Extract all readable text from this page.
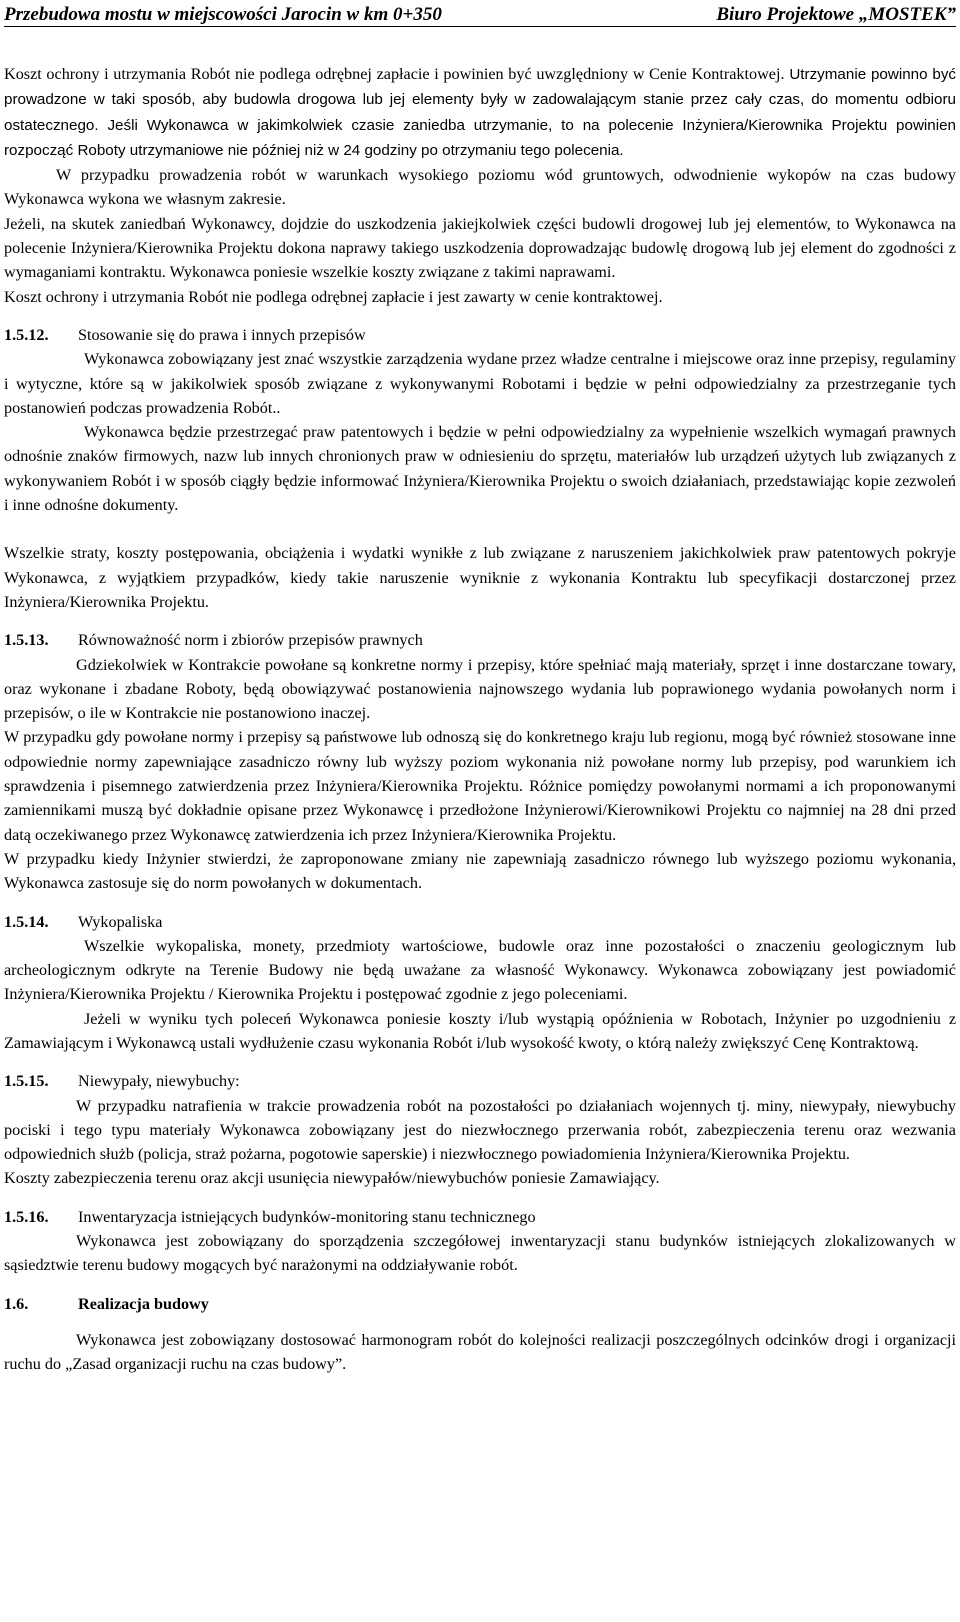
Przebudowa mostu w miejscowości Jarocin w km 0+350	Biuro Projektowe „MOSTEK”

Koszt ochrony i utrzymania Robót nie podlega odrębnej zapłacie i powinien być uwzględniony w Cenie Kontraktowej. Utrzymanie powinno być prowadzone w taki sposób, aby budowla drogowa lub jej elementy były w zadowalającym stanie przez cały czas, do momentu odbioru ostatecznego. Jeśli Wykonawca w jakimkolwiek czasie zaniedba utrzymanie, to na polecenie Inżyniera/Kierownika Projektu powinien rozpocząć Roboty utrzymaniowe nie później niż w 24 godziny po otrzymaniu tego polecenia.

W przypadku prowadzenia robót w warunkach wysokiego poziomu wód gruntowych, odwodnienie wykopów na czas budowy Wykonawca wykona we własnym zakresie.

Jeżeli, na skutek zaniedbań Wykonawcy, dojdzie do uszkodzenia jakiejkolwiek części budowli drogowej lub jej elementów, to Wykonawca na polecenie Inżyniera/Kierownika Projektu dokona naprawy takiego uszkodzenia doprowadzając budowlę drogową lub jej element do zgodności z wymaganiami kontraktu. Wykonawca poniesie wszelkie koszty związane z takimi naprawami.

Koszt ochrony i utrzymania Robót nie podlega odrębnej zapłacie i jest zawarty w cenie kontraktowej.

1.5.12.	Stosowanie się do prawa i innych przepisów

Wykonawca zobowiązany jest znać wszystkie zarządzenia wydane przez władze centralne i miejscowe oraz inne przepisy, regulaminy i wytyczne, które są w jakikolwiek sposób związane z wykonywanymi Robotami i będzie w pełni odpowiedzialny za przestrzeganie tych postanowień podczas prowadzenia Robót..

Wykonawca będzie przestrzegać praw patentowych i będzie w pełni odpowiedzialny za wypełnienie wszelkich wymagań prawnych odnośnie znaków firmowych, nazw lub innych chronionych praw w odniesieniu do sprzętu, materiałów lub urządzeń użytych lub związanych z wykonywaniem Robót i w sposób ciągły będzie informować Inżyniera/Kierownika Projektu o swoich działaniach, przedstawiając kopie zezwoleń i inne odnośne dokumenty.

Wszelkie straty, koszty postępowania, obciążenia i wydatki wynikłe z lub związane z naruszeniem jakichkolwiek praw patentowych pokryje Wykonawca, z wyjątkiem przypadków, kiedy takie naruszenie wyniknie z wykonania Kontraktu lub specyfikacji dostarczonej przez Inżyniera/Kierownika Projektu.

1.5.13.	Równoważność norm i zbiorów przepisów prawnych

Gdziekolwiek w Kontrakcie powołane są konkretne normy i przepisy, które spełniać mają materiały, sprzęt i inne dostarczane towary, oraz wykonane i zbadane Roboty, będą obowiązywać postanowienia najnowszego wydania lub poprawionego wydania powołanych norm i przepisów, o ile w Kontrakcie nie postanowiono inaczej.

W przypadku gdy powołane normy i przepisy są państwowe lub odnoszą się do konkretnego kraju lub regionu, mogą być również stosowane inne odpowiednie normy zapewniające zasadniczo równy lub wyższy poziom wykonania niż powołane normy lub przepisy, pod warunkiem ich sprawdzenia i pisemnego zatwierdzenia przez Inżyniera/Kierownika Projektu. Różnice pomiędzy powołanymi normami a ich proponowanymi zamiennikami muszą być dokładnie opisane przez Wykonawcę i przedłożone Inżynierowi/Kierownikowi Projektu co najmniej na 28 dni przed datą oczekiwanego przez Wykonawcę zatwierdzenia ich przez Inżyniera/Kierownika Projektu.

W przypadku kiedy Inżynier stwierdzi, że zaproponowane zmiany nie zapewniają zasadniczo równego lub wyższego poziomu wykonania, Wykonawca zastosuje się do norm powołanych w dokumentach.

1.5.14.	Wykopaliska

Wszelkie wykopaliska, monety, przedmioty wartościowe, budowle oraz inne pozostałości o znaczeniu geologicznym lub archeologicznym odkryte na Terenie Budowy nie będą uważane za własność Wykonawcy. Wykonawca zobowiązany jest powiadomić Inżyniera/Kierownika Projektu / Kierownika Projektu i postępować zgodnie z jego poleceniami.

Jeżeli w wyniku tych poleceń Wykonawca poniesie koszty i/lub wystąpią opóźnienia w Robotach, Inżynier po uzgodnieniu z Zamawiającym i Wykonawcą ustali wydłużenie czasu wykonania Robót i/lub wysokość kwoty, o którą należy zwiększyć Cenę Kontraktową.

1.5.15.	Niewypały, niewybuchy:

W przypadku natrafienia w trakcie prowadzenia robót na pozostałości po działaniach wojennych tj. miny, niewypały, niewybuchy pociski i tego typu materiały Wykonawca zobowiązany jest do niezwłocznego przerwania robót, zabezpieczenia terenu oraz wezwania odpowiednich służb (policja, straż pożarna, pogotowie saperskie) i niezwłocznego powiadomienia Inżyniera/Kierownika Projektu.

Koszty zabezpieczenia terenu oraz akcji usunięcia niewypałów/niewybuchów poniesie Zamawiający.

1.5.16.	Inwentaryzacja istniejących budynków-monitoring stanu technicznego

Wykonawca jest zobowiązany do sporządzenia szczegółowej inwentaryzacji stanu budynków istniejących zlokalizowanych w sąsiedztwie terenu budowy mogących być narażonymi na oddziaływanie robót.

1.6.	Realizacja budowy

Wykonawca jest zobowiązany dostosować harmonogram robót do kolejności realizacji poszczególnych odcinków drogi i organizacji ruchu do „Zasad organizacji ruchu na czas budowy”.
